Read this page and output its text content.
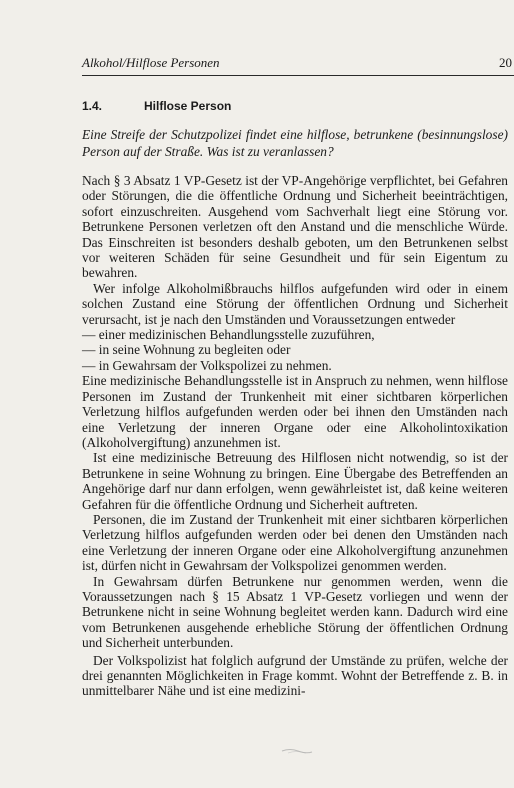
Alkohol/Hilflose Personen	20
1.4.	Hilflose Person
Eine Streife der Schutzpolizei findet eine hilflose, betrunkene (besinnungslose) Person auf der Straße. Was ist zu veranlassen?

Nach § 3 Absatz 1 VP-Gesetz ist der VP-Angehörige verpflichtet, bei Gefahren oder Störungen, die die öffentliche Ordnung und Sicherheit beeinträchtigen, sofort einzuschreiten. Ausgehend vom Sachverhalt liegt eine Störung vor. Betrunkene Personen verletzen oft den Anstand und die menschliche Würde. Das Einschreiten ist besonders deshalb geboten, um den Betrunkenen selbst vor weiteren Schäden für seine Gesundheit und für sein Eigentum zu bewahren.

Wer infolge Alkoholmißbrauchs hilflos aufgefunden wird oder in einem solchen Zustand eine Störung der öffentlichen Ordnung und Sicherheit verursacht, ist je nach den Umständen und Voraussetzungen entweder

— einer medizinischen Behandlungsstelle zuzuführen,
— in seine Wohnung zu begleiten oder
— in Gewahrsam der Volkspolizei zu nehmen.

Eine medizinische Behandlungsstelle ist in Anspruch zu nehmen, wenn hilflose Personen im Zustand der Trunkenheit mit einer sichtbaren körperlichen Verletzung hilflos aufgefunden werden oder bei ihnen den Umständen nach eine Verletzung der inneren Organe oder eine Alkoholintoxikation (Alkoholvergiftung) anzunehmen ist.

Ist eine medizinische Betreuung des Hilflosen nicht notwendig, so ist der Betrunkene in seine Wohnung zu bringen. Eine Übergabe des Betreffenden an Angehörige darf nur dann erfolgen, wenn gewährleistet ist, daß keine weiteren Gefahren für die öffentliche Ordnung und Sicherheit auftreten.

Personen, die im Zustand der Trunkenheit mit einer sichtbaren körperlichen Verletzung hilflos aufgefunden werden oder bei denen den Umständen nach eine Verletzung der inneren Organe oder eine Alkoholvergiftung anzunehmen ist, dürfen nicht in Gewahrsam der Volkspolizei genommen werden.

In Gewahrsam dürfen Betrunkene nur genommen werden, wenn die Voraussetzungen nach § 15 Absatz 1 VP-Gesetz vorliegen und wenn der Betrunkene nicht in seine Wohnung begleitet werden kann. Dadurch wird eine vom Betrunkenen ausgehende erhebliche Störung der öffentlichen Ordnung und Sicherheit unterbunden.

Der Volkspolizist hat folglich aufgrund der Umstände zu prüfen, welche der drei genannten Möglichkeiten in Frage kommt. Wohnt der Betreffende z. B. in unmittelbarer Nähe und ist eine medizini-
